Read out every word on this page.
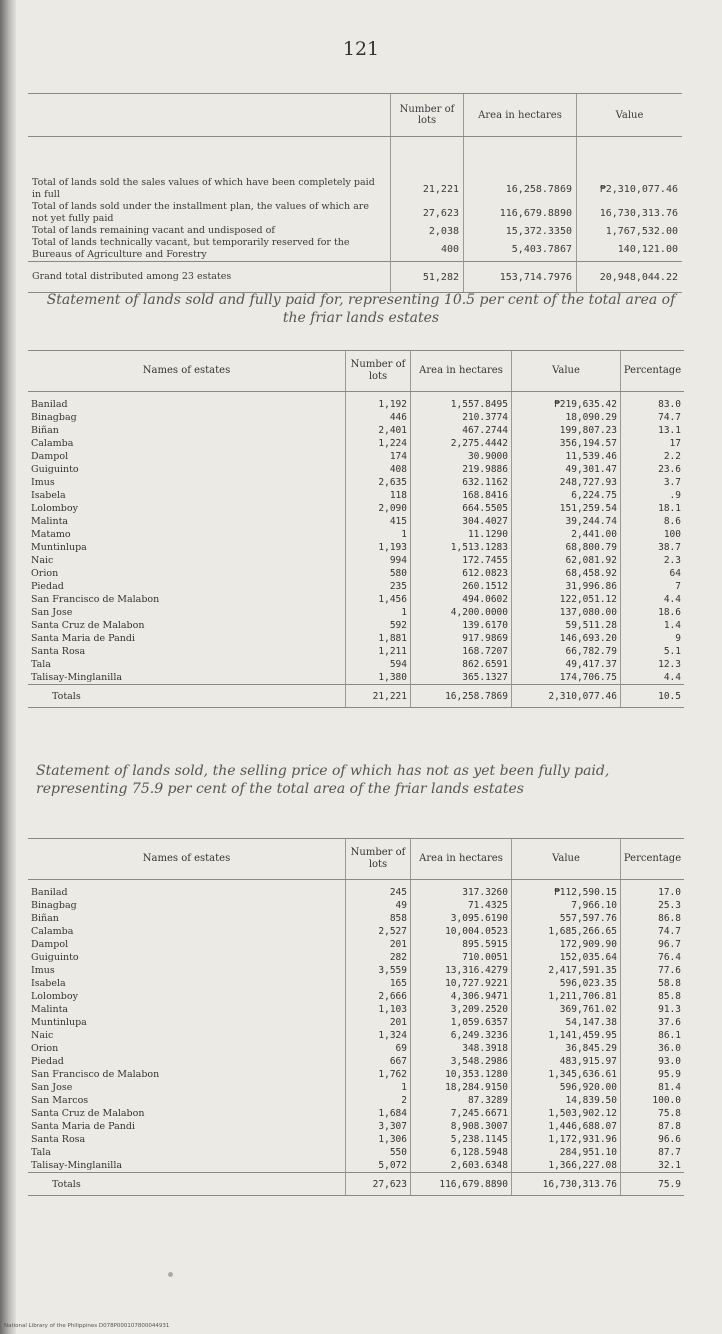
121
	Number of lots	Area in hectares	Value
Total of lands sold the sales values of which have been completely paid in full	21,221	16,258.7869	₱2,310,077.46
Total of lands sold under the installment plan, the values of which are not yet fully paid	27,623	116,679.8890	16,730,313.76
Total of lands remaining vacant and undisposed of	2,038	15,372.3350	1,767,532.00
Total of lands technically vacant, but temporarily reserved for the Bureaus of Agriculture and Forestry	400	5,403.7867	140,121.00
Grand total distributed among 23 estates	51,282	153,714.7976	20,948,044.22
Statement of lands sold and fully paid for, representing 10.5 per cent of the total area of the friar lands estates
Names of estates	Number of lots	Area in hectares	Value	Percentage
Banilad	1,192	1,557.8495	₱219,635.42	83.0
Binagbag	446	210.3774	18,090.29	74.7
Biñan	2,401	467.2744	199,807.23	13.1
Calamba	1,224	2,275.4442	356,194.57	17
Dampol	174	30.9000	11,539.46	2.2
Guiguinto	408	219.9886	49,301.47	23.6
Imus	2,635	632.1162	248,727.93	3.7
Isabela	118	168.8416	6,224.75	.9
Lolomboy	2,090	664.5505	151,259.54	18.1
Malinta	415	304.4027	39,244.74	8.6
Matamo	1	11.1290	2,441.00	100
Muntinlupa	1,193	1,513.1283	68,800.79	38.7
Naic	994	172.7455	62,081.92	2.3
Orion	580	612.0823	68,458.92	64
Piedad	235	260.1512	31,996.86	7
San Francisco de Malabon	1,456	494.0602	122,051.12	4.4
San Jose	1	4,200.0000	137,080.00	18.6
Santa Cruz de Malabon	592	139.6170	59,511.28	1.4
Santa Maria de Pandi	1,881	917.9869	146,693.20	9
Santa Rosa	1,211	168.7207	66,782.79	5.1
Tala	594	862.6591	49,417.37	12.3
Talisay-Minglanilla	1,380	365.1327	174,706.75	4.4
Totals	21,221	16,258.7869	2,310,077.46	10.5
Statement of lands sold, the selling price of which has not as yet been fully paid, representing 75.9 per cent of the total area of the friar lands estates
Names of estates	Number of lots	Area in hectares	Value	Percentage
Banilad	245	317.3260	₱112,590.15	17.0
Binagbag	49	71.4325	7,966.10	25.3
Biñan	858	3,095.6190	557,597.76	86.8
Calamba	2,527	10,004.0523	1,685,266.65	74.7
Dampol	201	895.5915	172,909.90	96.7
Guiguinto	282	710.0051	152,035.64	76.4
Imus	3,559	13,316.4279	2,417,591.35	77.6
Isabela	165	10,727.9221	596,023.35	58.8
Lolomboy	2,666	4,306.9471	1,211,706.81	85.8
Malinta	1,103	3,209.2520	369,761.02	91.3
Muntinlupa	201	1,059.6357	54,147.38	37.6
Naic	1,324	6,249.3236	1,141,459.95	86.1
Orion	69	348.3918	36,845.29	36.0
Piedad	667	3,548.2986	483,915.97	93.0
San Francisco de Malabon	1,762	10,353.1280	1,345,636.61	95.9
San Jose	1	18,284.9150	596,920.00	81.4
San Marcos	2	87.3289	14,839.50	100.0
Santa Cruz de Malabon	1,684	7,245.6671	1,503,902.12	75.8
Santa Maria de Pandi	3,307	8,908.3007	1,446,688.07	87.8
Santa Rosa	1,306	5,238.1145	1,172,931.96	96.6
Tala	550	6,128.5948	284,951.10	87.7
Talisay-Minglanilla	5,072	2,603.6348	1,366,227.08	32.1
Totals	27,623	116,679.8890	16,730,313.76	75.9
National Library of the Philippines D078P000107800044931
